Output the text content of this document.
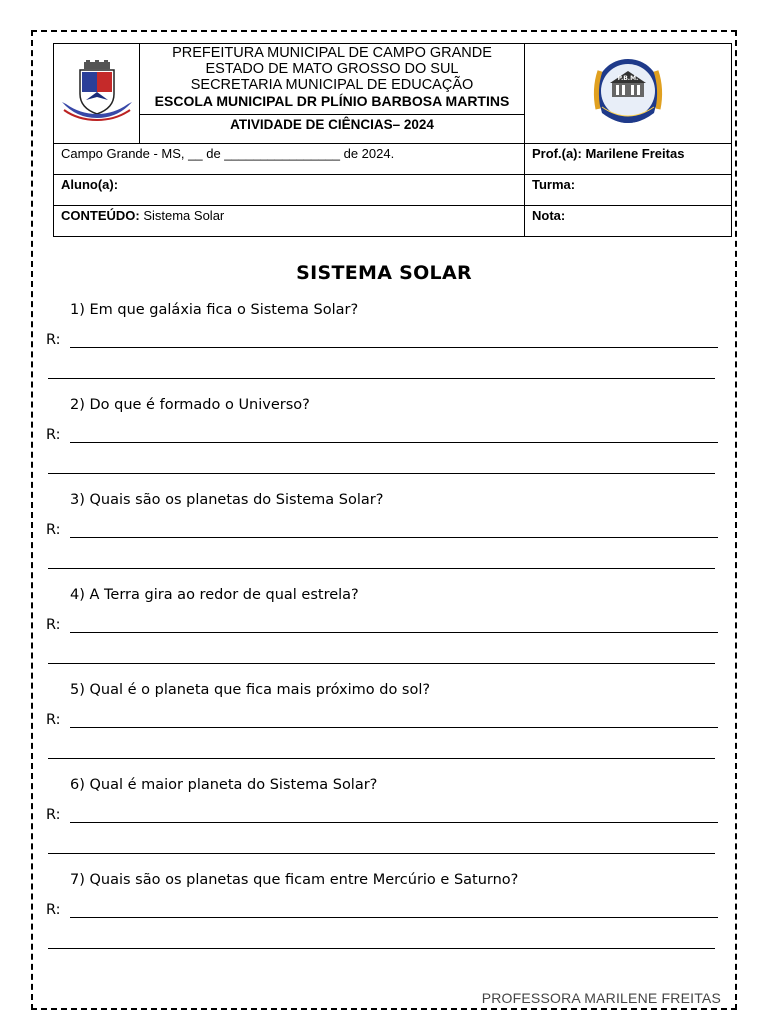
PREFEITURA MUNICIPAL DE CAMPO GRANDE
ESTADO DE MATO GROSSO DO SUL
SECRETARIA MUNICIPAL DE EDUCAÇÃO
ESCOLA MUNICIPAL DR PLÍNIO BARBOSA MARTINS
ATIVIDADE DE CIÊNCIAS– 2024	P.B.M.

Campo Grande - MS, __ de ________________ de 2024.		Prof.(a): Marilene Freitas
Aluno(a):		Turma:
CONTEÚDO: Sistema Solar		Nota:
SISTEMA SOLAR
1) Em que galáxia fica o Sistema Solar?
R:
2) Do que é formado o Universo?
R:
3) Quais são os planetas do Sistema Solar?
R:
4) A Terra gira ao redor de qual estrela?
R:
5) Qual é o planeta que fica mais próximo do sol?
R:
6) Qual é maior planeta do Sistema Solar?
R:
7) Quais são os planetas que ficam entre Mercúrio e Saturno?
R:
PROFESSORA MARILENE FREITAS
